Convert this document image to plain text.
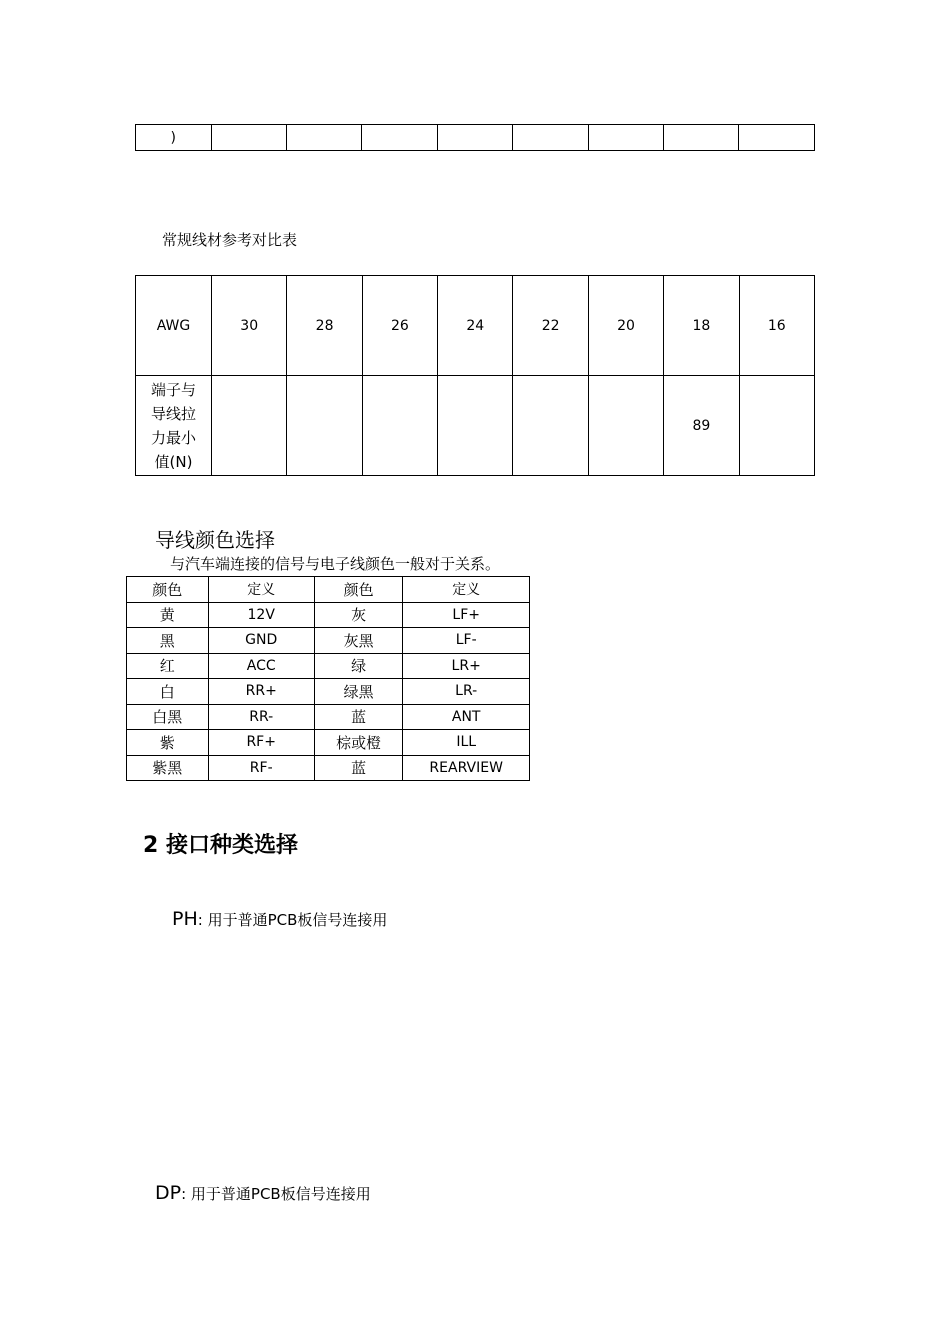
)								
常规线材参考对比表
AWG	30	28	26	24	22	20	18	16
端子与导线拉力最小值(N)							89	
导线颜色选择
与汽车端连接的信号与电子线颜色一般对于关系。
颜色	定义	颜色	定义
黄	12V	灰	LF+
黑	GND	灰黑	LF-
红	ACC	绿	LR+
白	RR+	绿黑	LR-
白黑	RR-	蓝	ANT
紫	RF+	棕或橙	ILL
紫黑	RF-	蓝	REARVIEW
2 接口种类选择
PH: 用于普通PCB板信号连接用
DP: 用于普通PCB板信号连接用
